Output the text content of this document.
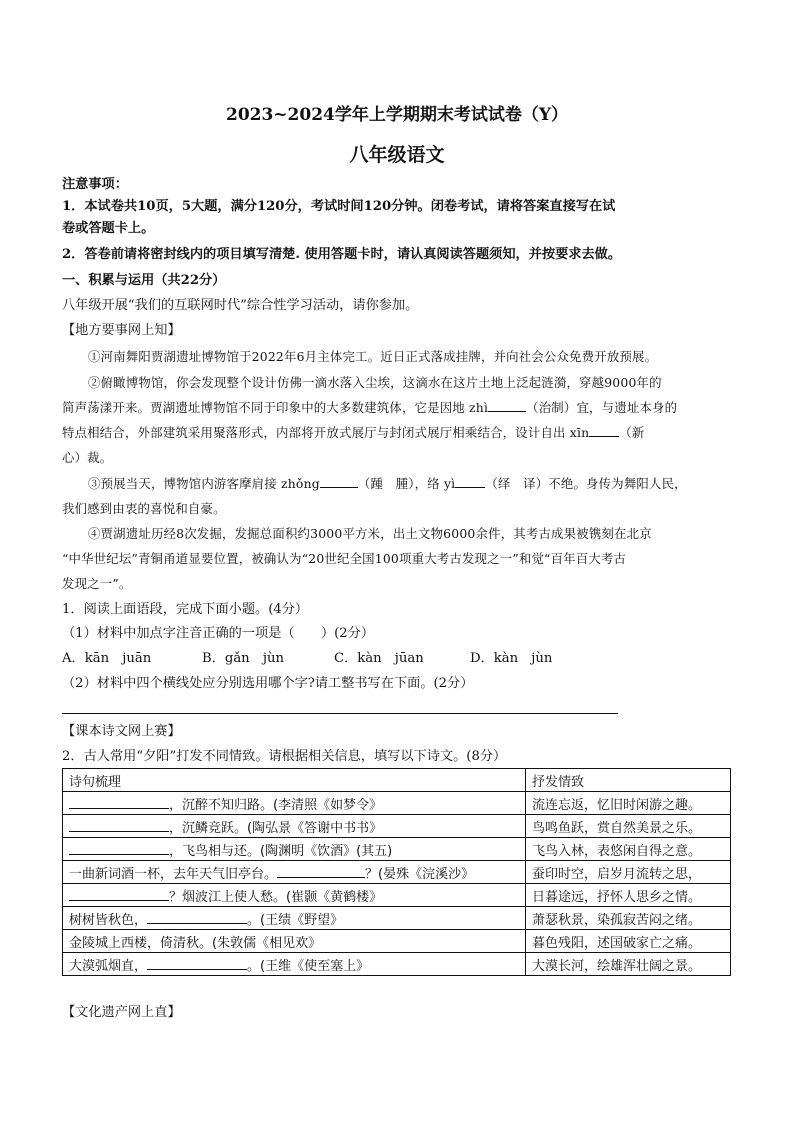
2023~2024学年上学期期末考试试卷（Y）
八年级语文
注意事项：
1．本试卷共10页，5大题，满分120分，考试时间120分钟。闭卷考试，请将答案直接写在试
卷或答题卡上。
2．答卷前请将密封线内的项目填写清楚. 使用答题卡时，请认真阅读答题须知，并按要求去做。
一、积累与运用（共22分）
八年级开展“我们的互联网时代”综合性学习活动，请你参加。
【地方要事网上知】
①河南舞阳贾湖遗址博物馆于2022年6月主体完工。近日正式落成挂牌，并向社会公众免费开放预展。
②俯瞰博物馆，你会发现整个设计仿佛一滴水落入尘埃，这滴水在这片土地上泛起涟漪，穿越9000年的
简声荡漾开来。贾湖遗址博物馆不同于印象中的大多数建筑体，它是因地 zhì	（治制）宜，与遗址本身的
特点相结合，外部建筑采用聚落形式，内部将开放式展厅与封闭式展厅相乘结合，设计自出 xīn （新
心）裁。
③预展当天，博物馆内游客摩肩接 zhǒng	（踵　腫），络 yì （绎　译）不绝。身传为舞阳人民，
我们感到由衷的喜悦和自豪。
④贾湖遗址历经8次发掘，发掘总面积约3000平方米，出土文物6000余件，其考古成果被镌刻在北京
“中华世纪坛”青铜甬道显要位置，被确认为“20世纪全国100项重大考古发现之一”和觉“百年百大考古
发现之一”。
1．阅读上面语段，完成下面小题。(4分）
（1）材料中加点字注音正确的一项是（　　）(2分）
A．kān　juān	B．gǎn　jùn	C．kàn　jūan	D．kàn　jùn
（2）材料中四个横线处应分别选用哪个字?请工整书写在下面。(2分）
【课本诗文网上赛】
2．古人常用“夕阳”打发不同情致。请根据相关信息，填写以下诗文。(8分）
诗句梳理	抒发情致
，沉醉不知归路。(李清照《如梦令》	流连忘返，忆旧时闲游之趣。
，沉鳞竞跃。(陶弘景《答谢中书书》	鸟鸣鱼跃，赏自然美景之乐。
，飞鸟相与还。(陶渊明《饮酒》(其五)	飞鸟入林，表悠闲自得之意。
一曲新词酒一杯，去年天气旧亭台。 ？(晏殊《浣溪沙》	蚕印时空，启岁月流转之思，
？烟波江上使人愁。(崔颢《黄鹤楼》	日暮途远，抒怀人思乡之情。
树树皆秋色， 。(王绩《野望》	萧瑟秋景，染孤寂苦闷之绪。
金陵城上西楼，倚清秋。(朱敦儒《相见欢》	暮色残阳，述国破家亡之痛。
大漠弧烟直， 。(王维《使至塞上》	大漠长河，绘雄浑壮阔之景。
【文化遗产网上直】
